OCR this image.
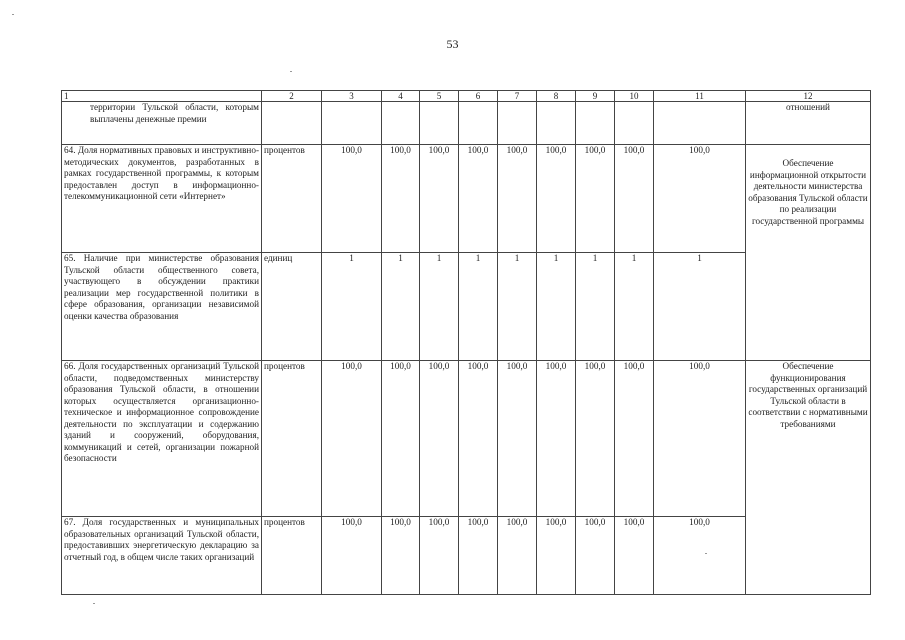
53
1	2	3	4	5	6	7	8	9	10	11	12
территории Тульской области, которым выплачены денежные премии											отношений
64. Доля нормативных правовых и инструктивно-методических документов, разработанных в рамках государственной программы, к которым предоставлен доступ в информационно-телекоммуникационной сети «Интернет»	процентов	100,0	100,0	100,0	100,0	100,0	100,0	100,0	100,0	100,0	Обеспечение информационной открытости деятельности министерства образования Тульской области по реализации государственной программы
65. Наличие при министерстве образования Тульской области общественного совета, участвующего в обсуждении практики реализации мер государственной политики в сфере образования, организации независимой оценки качества образования	единиц	1	1	1	1	1	1	1	1	1	
66. Доля государственных организаций Тульской области, подведомственных министерству образования Тульской области, в отношении которых осуществляется организационно-техническое и информационное сопровождение деятельности по эксплуатации и содержанию зданий и сооружений, оборудования, коммуникаций и сетей, организации пожарной безопасности	процентов	100,0	100,0	100,0	100,0	100,0	100,0	100,0	100,0	100,0	Обеспечение функционирования государственных организаций Тульской области в соответствии с нормативными требованиями
67. Доля государственных и муниципальных образовательных организаций Тульской области, предоставивших энергетическую декларацию за отчетный год, в общем числе таких организаций	процентов	100,0	100,0	100,0	100,0	100,0	100,0	100,0	100,0	100,0	
